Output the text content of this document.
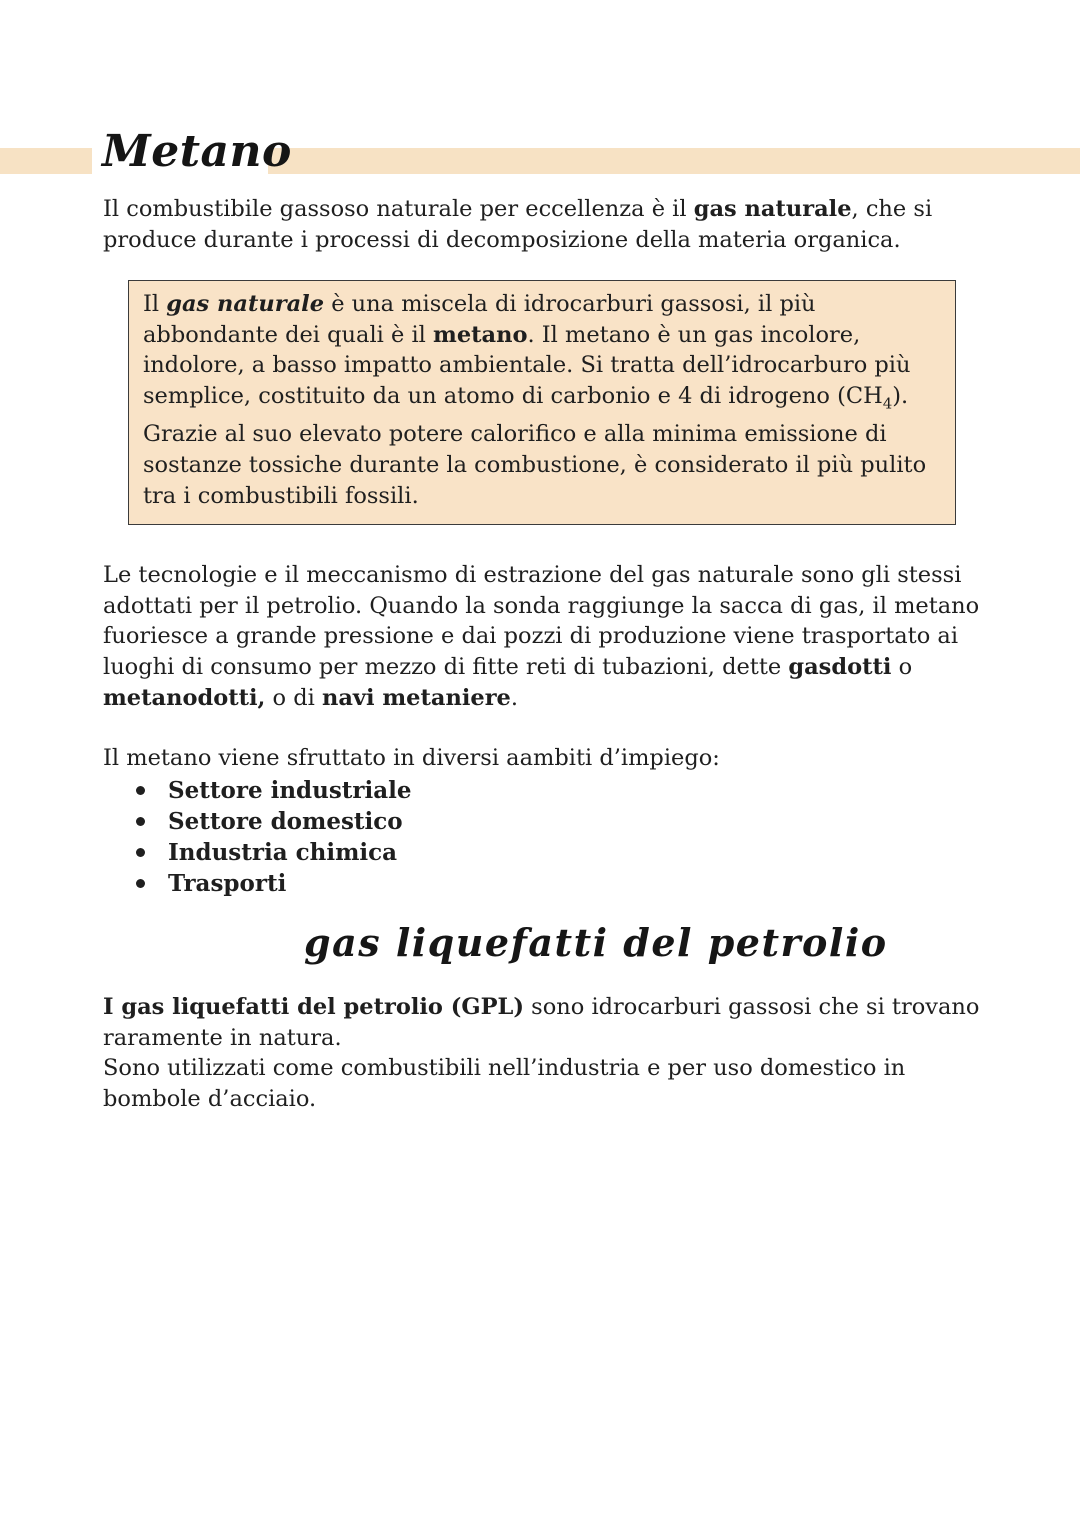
Metano

Il combustibile gassoso naturale per eccellenza è il gas naturale, che si produce durante i processi di decomposizione della materia organica.

Il gas naturale è una miscela di idrocarburi gassosi, il più abbondante dei quali è il metano. Il metano è un gas incolore, indolore, a basso impatto ambientale. Si tratta dell’idrocarburo più semplice, costituito da un atomo di carbonio e 4 di idrogeno $(CH_4)$. Grazie al suo elevato potere calorifico e alla minima emissione di sostanze tossiche durante la combustione, è considerato il più pulito tra i combustibili fossili.

Le tecnologie e il meccanismo di estrazione del gas naturale sono gli stessi adottati per il petrolio. Quando la sonda raggiunge la sacca di gas, il metano fuoriesce a grande pressione e dai pozzi di produzione viene trasportato ai luoghi di consumo per mezzo di fitte reti di tubazioni, dette gasdotti o metanodotti, o di navi metaniere.

Il metano viene sfruttato in diversi aambiti d’impiego:

Settore industriale
Settore domestico
Industria chimica
Trasporti
gas liquefatti del petrolio

I gas liquefatti del petrolio (GPL) sono idrocarburi gassosi che si trovano raramente in natura.
Sono utilizzati come combustibili nell’industria e per uso domestico in bombole d’acciaio.
